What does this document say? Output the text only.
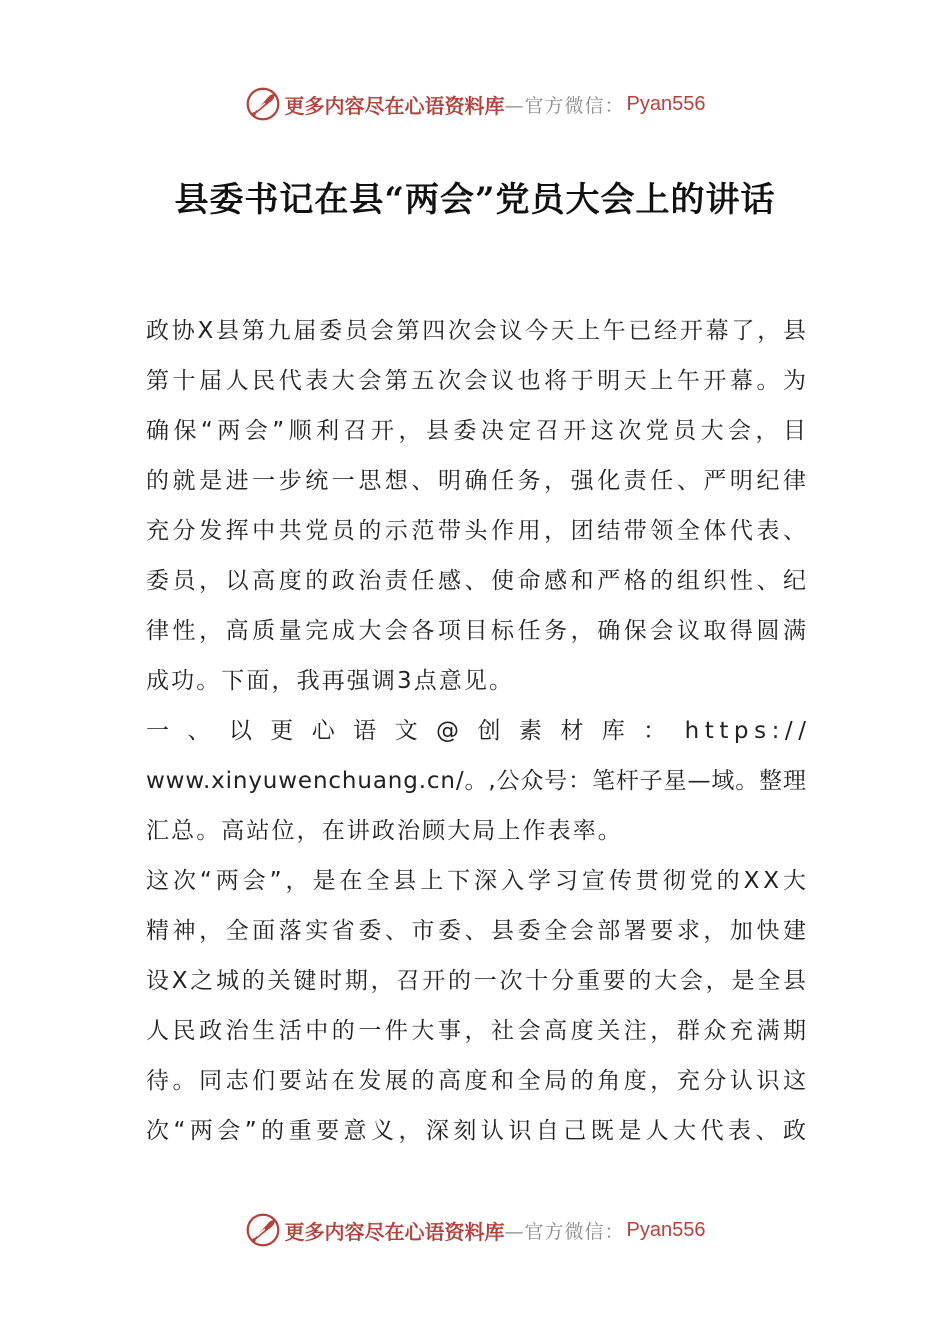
更多内容尽在心语资料库 —官方微信： Pyan556
县委书记在县“两会”党员大会上的讲话

政协X县第九届委员会第四次会议今天上午已经开幕了，县
第十届人民代表大会第五次会议也将于明天上午开幕。为
确保“两会”顺利召开，县委决定召开这次党员大会，目
的就是进一步统一思想、明确任务，强化责任、严明纪律
充分发挥中共党员的示范带头作用，团结带领全体代表、
委员，以高度的政治责任感、使命感和严格的组织性、纪
律性，高质量完成大会各项目标任务，确保会议取得圆满
成功。下面，我再强调3点意见。

一 、 以 更 心 语 文 @ 创 素 材 库 ： https://
www.xinyuwenchuang.cn/。,公众号：笔杆子星—域。整理
汇总。高站位，在讲政治顾大局上作表率。

这次“两会”，是在全县上下深入学习宣传贯彻党的XX大
精神，全面落实省委、市委、县委全会部署要求，加快建
设X之城的关键时期，召开的一次十分重要的大会，是全县
人民政治生活中的一件大事，社会高度关注，群众充满期
待。同志们要站在发展的高度和全局的角度，充分认识这
次“两会”的重要意义，深刻认识自己既是人大代表、政

更多内容尽在心语资料库 —官方微信： Pyan556
